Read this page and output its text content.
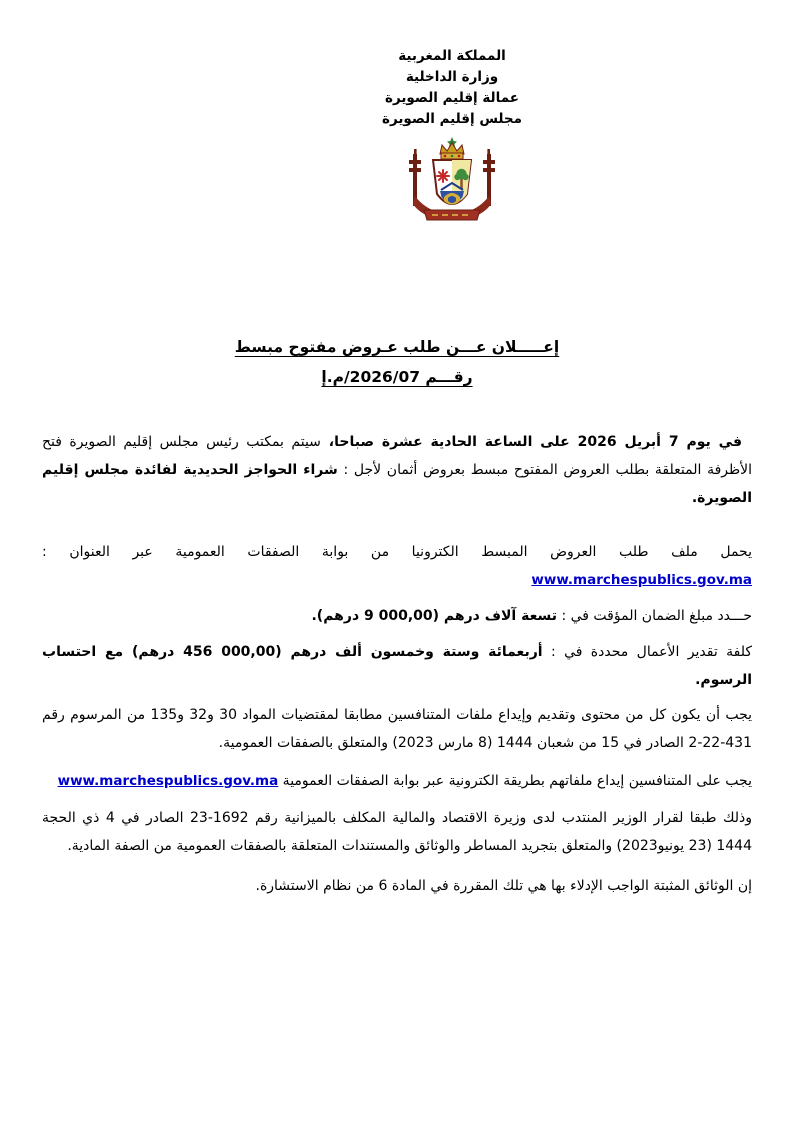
المملكة المغربية
وزارة الداخلية
عمالة إقليم الصويرة
مجلس إقليم الصويرة
إعـــــلان عـــن طلب عـروض مفتوح مبسط
رقـــم 2026/07/م.إ

في يوم 7 أبريل 2026 على الساعة الحادية عشرة صباحا، سيتم بمكتب رئيس مجلس إقليم الصويرة فتح الأظرفة المتعلقة بطلب العروض المفتوح مبسط بعروض أثمان لأجل : شراء الحواجز الحديدية لفائدة مجلس إقليم الصويرة.

يحمل ملف طلب العروض المبسط الكترونيا من بوابة الصفقات العمومية عبر العنوان : www.marchespublics.gov.ma

حـــدد مبلغ الضمان المؤقت في : تسعة آلاف درهم (⁦9 000,00⁩ درهم).

كلفة تقدير الأعمال محددة في : أربعمائة وستة وخمسون ألف درهم (⁦456 000,00⁩ درهم) مع احتساب الرسوم.

يجب أن يكون كل من محتوى وتقديم وإيداع ملفات المتنافسين مطابقا لمقتضيات المواد 30 و32 و135 من المرسوم رقم 431-22-2 الصادر في 15 من شعبان 1444 (8 مارس 2023) والمتعلق بالصفقات العمومية.

يجب على المتنافسين إيداع ملفاتهم بطريقة الكترونية عبر بوابة الصفقات العمومية www.marchespublics.gov.ma

وذلك طبقا لقرار الوزير المنتدب لدى وزيرة الاقتصاد والمالية المكلف بالميزانية رقم 1692-23 الصادر في 4 ذي الحجة 1444 (23 يونيو2023) والمتعلق بتجريد المساطر والوثائق والمستندات المتعلقة بالصفقات العمومية من الصفة المادية.

إن الوثائق المثبتة الواجب الإدلاء بها هي تلك المقررة في المادة 6 من نظام الاستشارة.
